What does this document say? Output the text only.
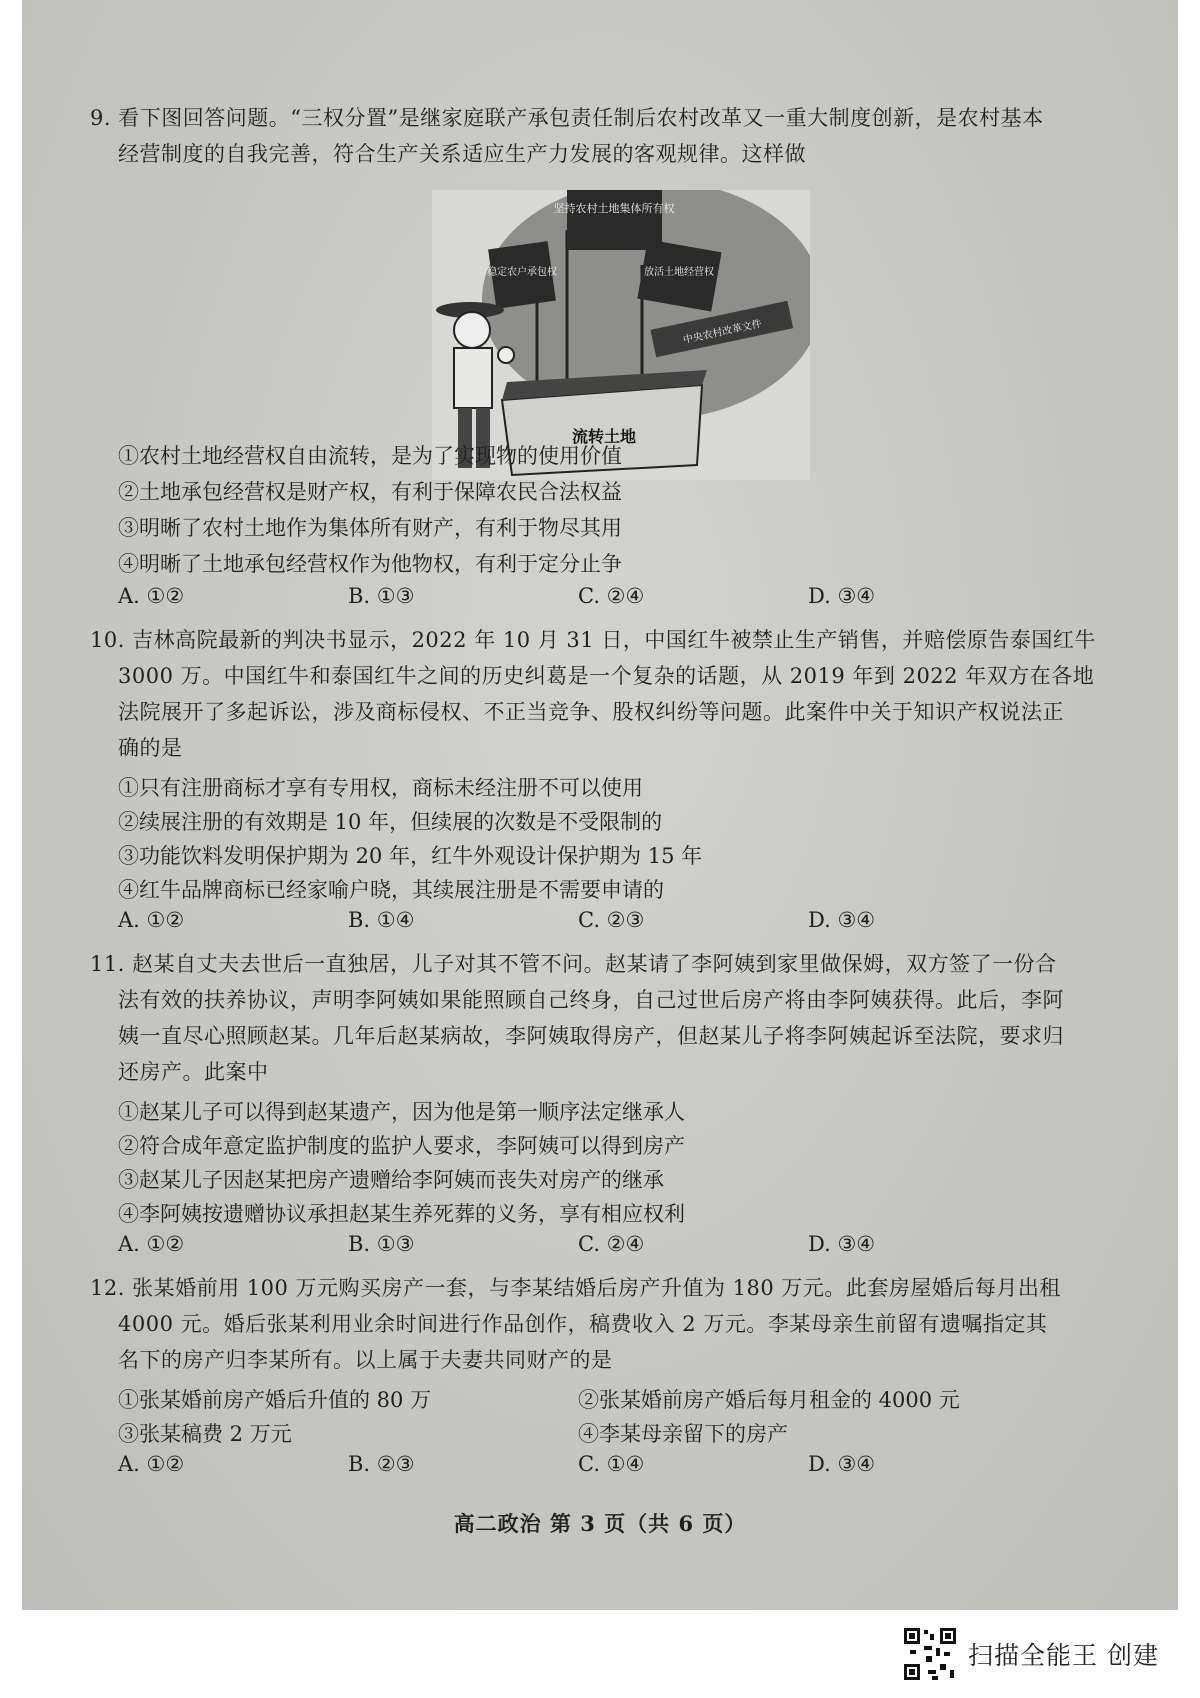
9. 看下图回答问题。“三权分置”是继家庭联产承包责任制后农村改革又一重大制度创新，是农村基本
经营制度的自我完善，符合生产关系适应生产力发展的客观规律。这样做
坚持农村土地集体所有权
稳定农户承包权	放活土地经营权
中央农村改革文件
流转土地
①农村土地经营权自由流转，是为了实现物的使用价值
②土地承包经营权是财产权，有利于保障农民合法权益
③明晰了农村土地作为集体所有财产，有利于物尽其用
④明晰了土地承包经营权作为他物权，有利于定分止争
A. ①②	B. ①③	C. ②④	D. ③④
10. 吉林高院最新的判决书显示，2022 年 10 月 31 日，中国红牛被禁止生产销售，并赔偿原告泰国红牛
3000 万。中国红牛和泰国红牛之间的历史纠葛是一个复杂的话题，从 2019 年到 2022 年双方在各地
法院展开了多起诉讼，涉及商标侵权、不正当竞争、股权纠纷等问题。此案件中关于知识产权说法正
确的是
①只有注册商标才享有专用权，商标未经注册不可以使用
②续展注册的有效期是 10 年，但续展的次数是不受限制的
③功能饮料发明保护期为 20 年，红牛外观设计保护期为 15 年
④红牛品牌商标已经家喻户晓，其续展注册是不需要申请的
A. ①②	B. ①④	C. ②③	D. ③④
11. 赵某自丈夫去世后一直独居，儿子对其不管不问。赵某请了李阿姨到家里做保姆，双方签了一份合
法有效的扶养协议，声明李阿姨如果能照顾自己终身，自己过世后房产将由李阿姨获得。此后，李阿
姨一直尽心照顾赵某。几年后赵某病故，李阿姨取得房产，但赵某儿子将李阿姨起诉至法院，要求归
还房产。此案中
①赵某儿子可以得到赵某遗产，因为他是第一顺序法定继承人
②符合成年意定监护制度的监护人要求，李阿姨可以得到房产
③赵某儿子因赵某把房产遗赠给李阿姨而丧失对房产的继承
④李阿姨按遗赠协议承担赵某生养死葬的义务，享有相应权利
A. ①②	B. ①③	C. ②④	D. ③④
12. 张某婚前用 100 万元购买房产一套，与李某结婚后房产升值为 180 万元。此套房屋婚后每月出租
4000 元。婚后张某利用业余时间进行作品创作，稿费收入 2 万元。李某母亲生前留有遗嘱指定其
名下的房产归李某所有。以上属于夫妻共同财产的是
①张某婚前房产婚后升值的 80 万	②张某婚前房产婚后每月租金的 4000 元
③张某稿费 2 万元	④李某母亲留下的房产
A. ①②	B. ②③	C. ①④	D. ③④
高二政治 第 3 页（共 6 页）
扫描全能王 创建
